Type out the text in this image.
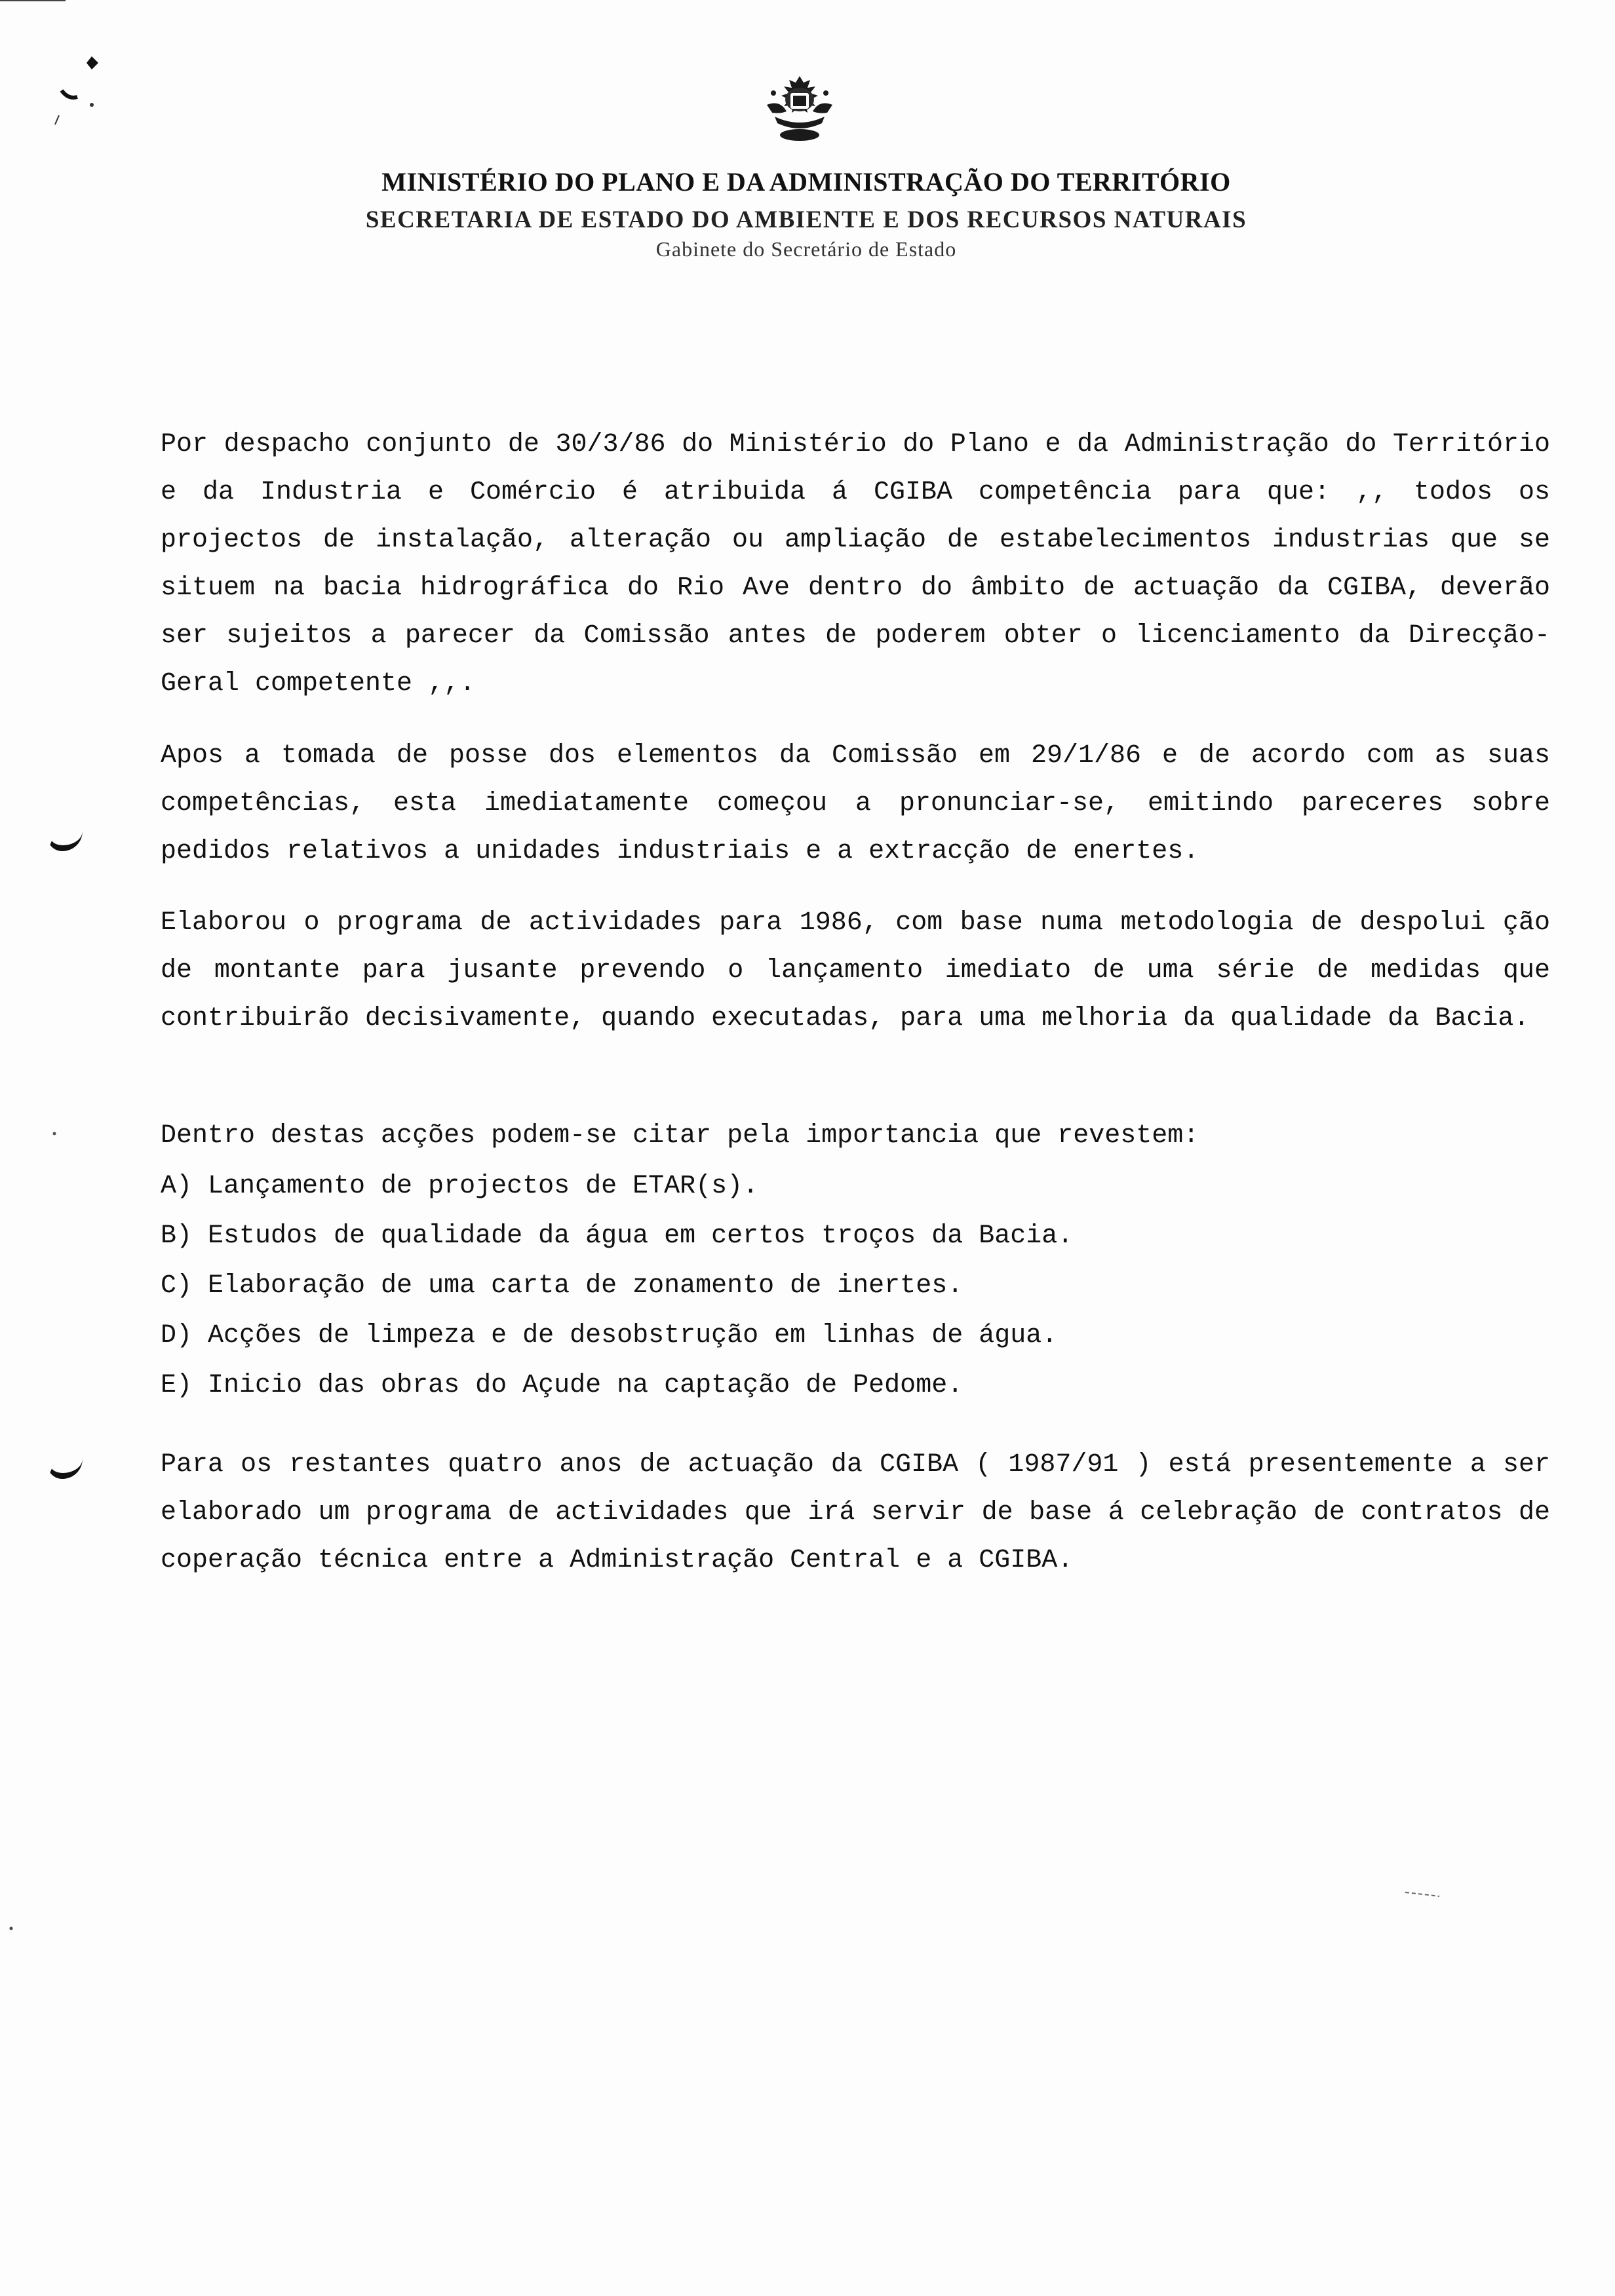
MINISTÉRIO DO PLANO E DA ADMINISTRAÇÃO DO TERRITÓRIO
SECRETARIA DE ESTADO DO AMBIENTE E DOS RECURSOS NATURAIS
Gabinete do Secretário de Estado
Por despacho conjunto de 30/3/86 do Ministério do Plano e da Administração do Território e da Industria e Comércio é atribuida á CGIBA competência para que: ,, todos os projectos de instalação, alteração ou ampliação de estabelecimentos industrias que se situem na bacia hidrográfica do Rio Ave dentro do âmbito de actuação da CGIBA, deverão ser sujeitos a parecer da Comissão antes de poderem obter o licenciamento da Direcção-Geral competente ,,.
Apos a tomada de posse dos elementos da Comissão em 29/1/86 e de acordo com as suas competências, esta imediatamente começou a pronunciar-se, emitindo pareceres sobre pedidos relativos a unidades industriais e a extracção de enertes.
Elaborou o programa de actividades para 1986, com base numa metodologia de despolui ção de montante para jusante prevendo o lançamento imediato de uma série de medidas que contribuirão decisivamente, quando executadas, para uma melhoria da qualidade da Bacia.
Dentro destas acções podem-se citar pela importancia que revestem:
A) Lançamento de projectos de ETAR(s).
B) Estudos de qualidade da água em certos troços da Bacia.
C) Elaboração de uma carta de zonamento de inertes.
D) Acções de limpeza e de desobstrução em linhas de água.
E) Inicio das obras do Açude na captação de Pedome.
Para os restantes quatro anos de actuação da CGIBA ( 1987/91 ) está presentemente a ser elaborado um programa de actividades que irá servir de base á celebração de contratos de coperação técnica entre a Administração Central e a CGIBA.
